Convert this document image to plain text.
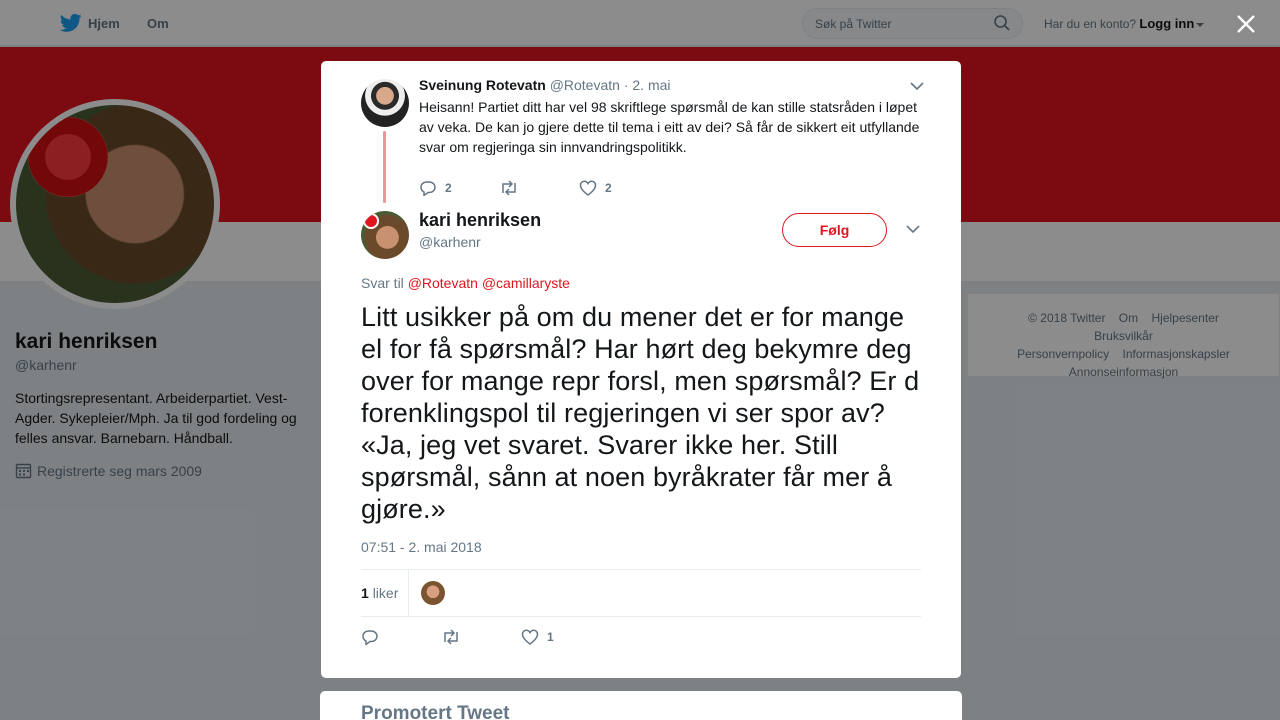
Hjem Om	Søk på Twitter	Har du en konto? Logg inn
kari henriksen
@karhenr
Stortingsrepresentant. Arbeiderpartiet. Vest-Agder. Sykepleier/Mph. Ja til god fordeling og felles ansvar. Barnebarn. Håndball.
Registrerte seg mars 2009
© 2018 Twitter Om Hjelpesenter Bruksvilkår
Personvernpolicy Informasjonskapsler
Annonseinformasjon
Sveinung Rotevatn @Rotevatn · 2. mai
Heisann! Partiet ditt har vel 98 skriftlege spørsmål de kan stille statsråden i løpet av veka. De kan jo gjere dette til tema i eitt av dei? Så får de sikkert eit utfyllande svar om regjeringa sin innvandringspolitikk.
2	2
kari henriksen
@karhenr
Følg
Svar til @Rotevatn @camillaryste
Litt usikker på om du mener det er for mange el for få spørsmål? Har hørt deg bekymre deg over for mange repr forsl, men spørsmål? Er d forenklingspol til regjeringen vi ser spor av? «Ja, jeg vet svaret. Svarer ikke her. Still spørsmål, sånn at noen byråkrater får mer å gjøre.»
07:51 - 2. mai 2018
1 liker
1
Promotert Tweet
